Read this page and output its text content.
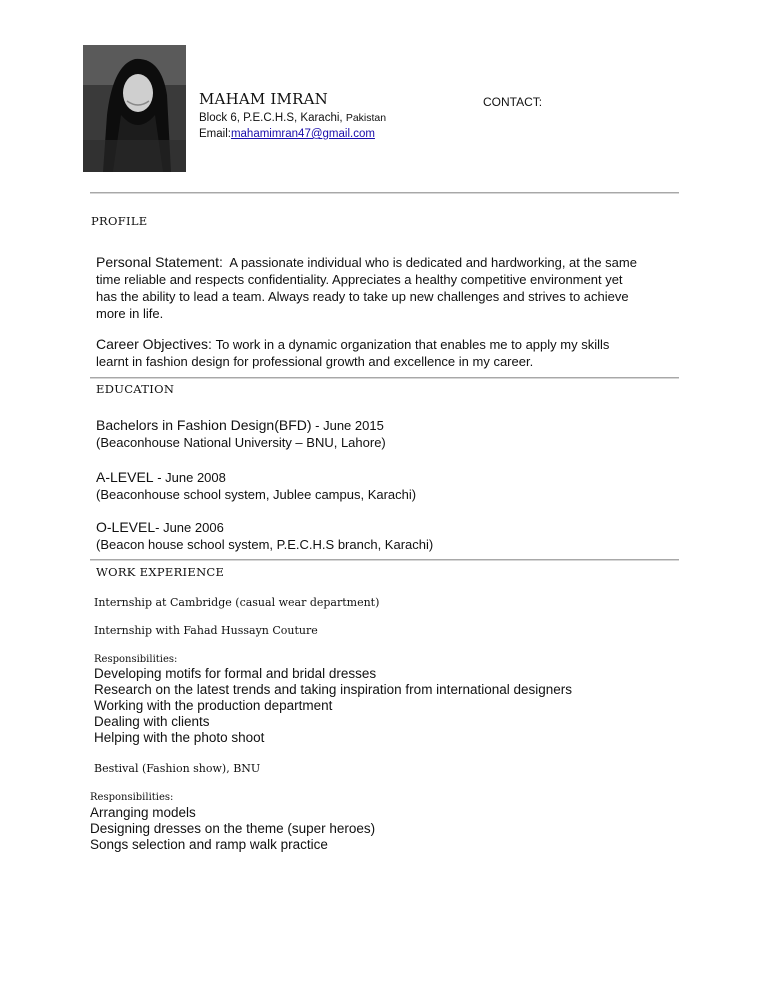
MAHAM IMRAN	CONTACT:
Block 6, P.E.C.H.S, Karachi, Pakistan
Email:mahamimran47@gmail.com
PROFILE
Personal Statement: A passionate individual who is dedicated and hardworking, at the same
time reliable and respects confidentiality. Appreciates a healthy competitive environment yet
has the ability to lead a team. Always ready to take up new challenges and strives to achieve
more in life.
Career Objectives: To work in a dynamic organization that enables me to apply my skills
learnt in fashion design for professional growth and excellence in my career.
EDUCATION
Bachelors in Fashion Design(BFD) - June 2015
(Beaconhouse National University – BNU, Lahore)
A-LEVEL - June 2008
(Beaconhouse school system, Jublee campus, Karachi)
O-LEVEL- June 2006
(Beacon house school system, P.E.C.H.S branch, Karachi)
WORK EXPERIENCE
Internship at Cambridge (casual wear department)
Internship with Fahad Hussayn Couture
Responsibilities:
Developing motifs for formal and bridal dresses
Research on the latest trends and taking inspiration from international designers
Working with the production department
Dealing with clients
Helping with the photo shoot
Bestival (Fashion show), BNU
Responsibilities:
Arranging models
Designing dresses on the theme (super heroes)
Songs selection and ramp walk practice
